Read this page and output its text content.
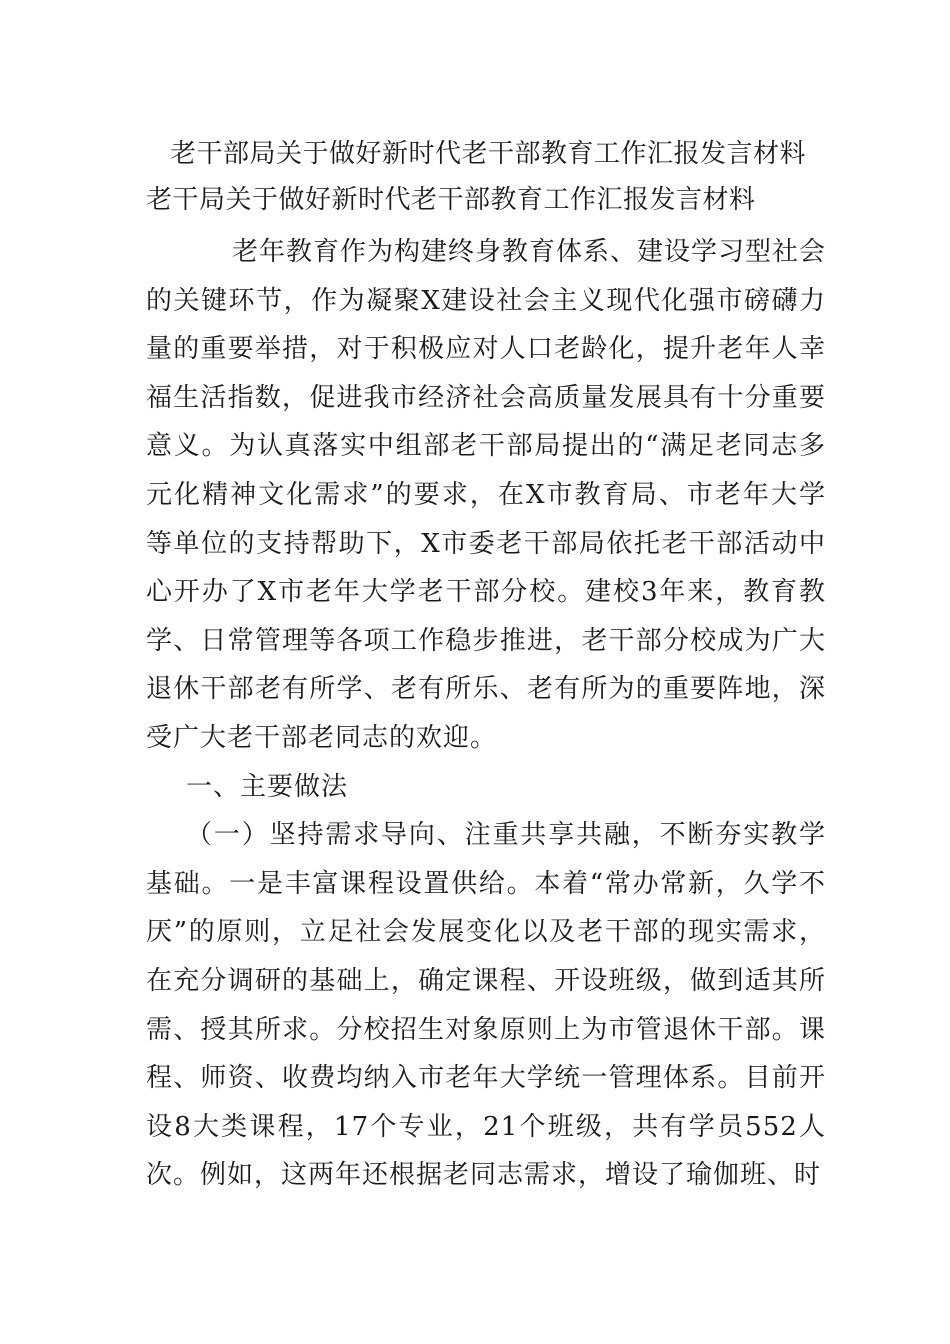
老干部局关于做好新时代老干部教育工作汇报发言材料
老干局关于做好新时代老干部教育工作汇报发言材料

老年教育作为构建终身教育体系、建设学习型社会的关键环节，作为凝聚X建设社会主义现代化强市磅礴力量的重要举措，对于积极应对人口老龄化，提升老年人幸福生活指数，促进我市经济社会高质量发展具有十分重要意义。为认真落实中组部老干部局提出的“满足老同志多元化精神文化需求”的要求，在X市教育局、市老年大学等单位的支持帮助下，X市委老干部局依托老干部活动中心开办了X市老年大学老干部分校。建校3年来，教育教学、日常管理等各项工作稳步推进，老干部分校成为广大退休干部老有所学、老有所乐、老有所为的重要阵地，深受广大老干部老同志的欢迎。

一、主要做法

（一）坚持需求导向、注重共享共融，不断夯实教学基础。一是丰富课程设置供给。本着“常办常新，久学不厌”的原则，立足社会发展变化以及老干部的现实需求，在充分调研的基础上，确定课程、开设班级，做到适其所需、授其所求。分校招生对象原则上为市管退休干部。课程、师资、收费均纳入市老年大学统一管理体系。目前开设8大类课程，17个专业，21个班级，共有学员552人次。例如，这两年还根据老同志需求，增设了瑜伽班、时
